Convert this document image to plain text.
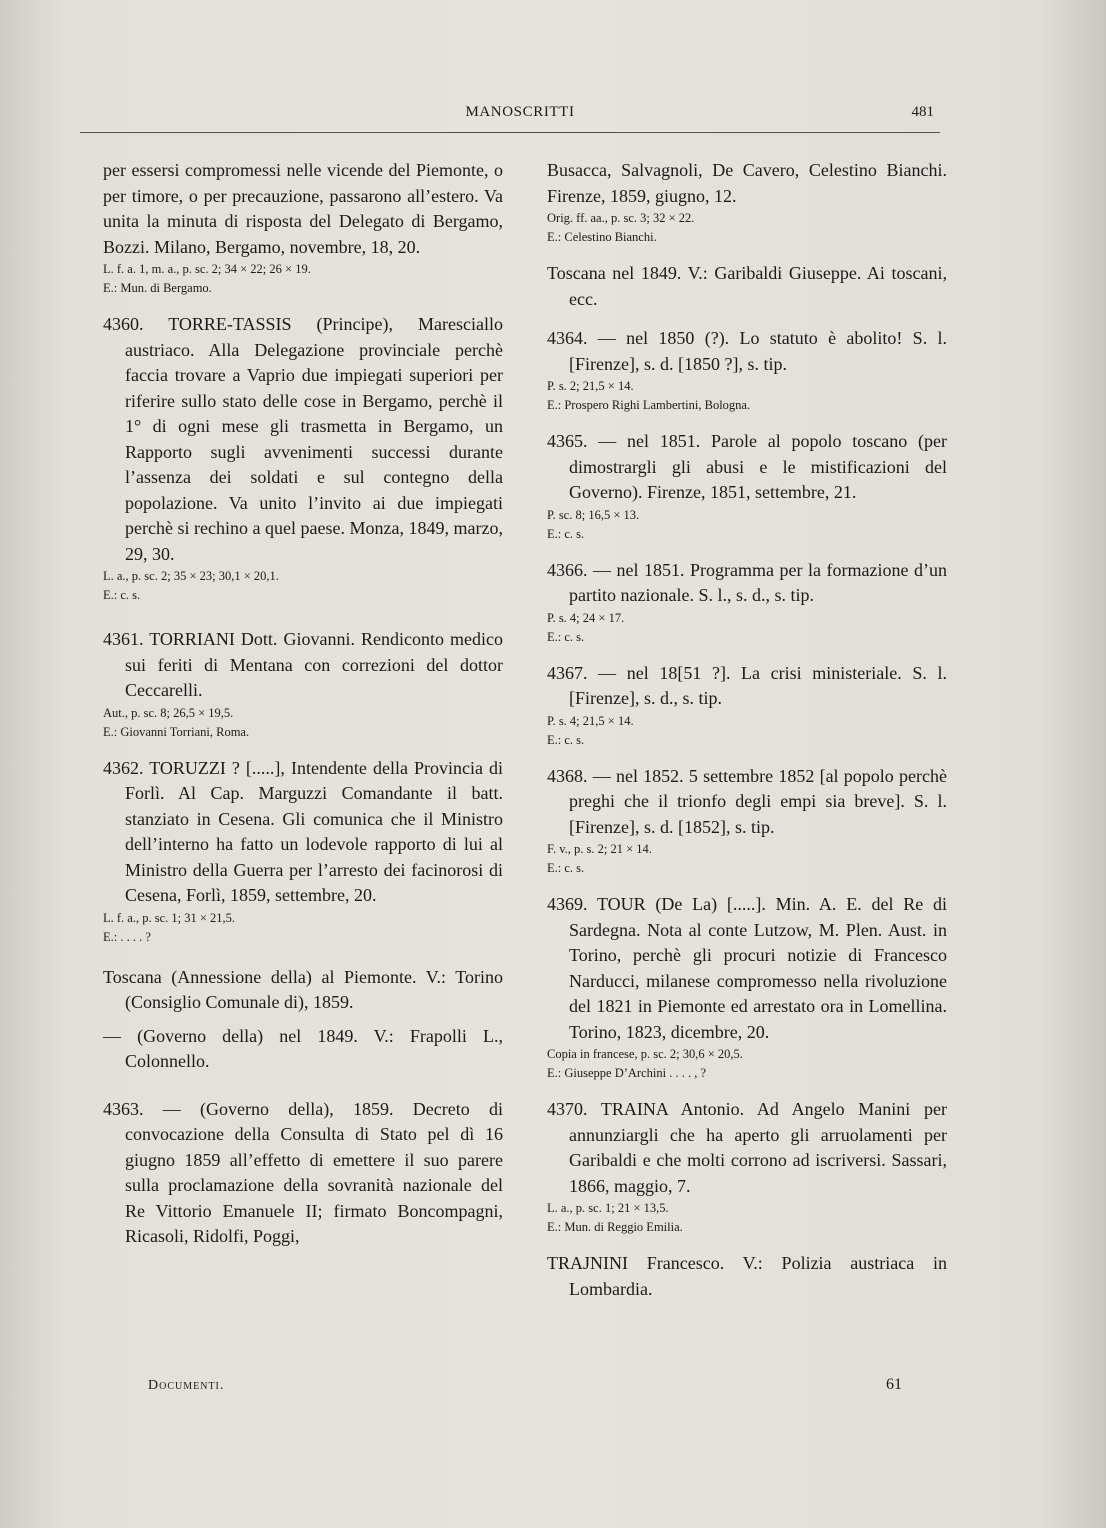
MANOSCRITTI	481

per essersi compromessi nelle vicende del Piemonte, o per timore, o per precauzione, passarono all’estero. Va unita la minuta di risposta del Delegato di Bergamo, Bozzi. Milano, Bergamo, novembre, 18, 20.

L. f. a. 1, m. a., p. sc. 2; 34 × 22; 26 × 19.

E.: Mun. di Bergamo.

4360. TORRE-TASSIS (Principe), Maresciallo austriaco. Alla Delegazione provinciale perchè faccia trovare a Vaprio due impiegati superiori per riferire sullo stato delle cose in Bergamo, perchè il 1° di ogni mese gli trasmetta in Bergamo, un Rapporto sugli avvenimenti successi durante l’assenza dei soldati e sul contegno della popolazione. Va unito l’invito ai due impiegati perchè si rechino a quel paese. Monza, 1849, marzo, 29, 30.

L. a., p. sc. 2; 35 × 23; 30,1 × 20,1.

E.: c. s.

4361. TORRIANI Dott. Giovanni. Rendiconto medico sui feriti di Mentana con correzioni del dottor Ceccarelli.

Aut., p. sc. 8; 26,5 × 19,5.

E.: Giovanni Torriani, Roma.

4362. TORUZZI ? [.....], Intendente della Provincia di Forlì. Al Cap. Marguzzi Comandante il batt. stanziato in Cesena. Gli comunica che il Ministro dell’interno ha fatto un lodevole rapporto di lui al Ministro della Guerra per l’arresto dei facinorosi di Cesena, Forlì, 1859, settembre, 20.

L. f. a., p. sc. 1; 31 × 21,5.

E.: . . . . ?

Toscana (Annessione della) al Piemonte. V.: Torino (Consiglio Comunale di), 1859.

— (Governo della) nel 1849. V.: Frapolli L., Colonnello.

4363. — (Governo della), 1859. Decreto di convocazione della Consulta di Stato pel dì 16 giugno 1859 all’effetto di emettere il suo parere sulla proclamazione della sovranità nazionale del Re Vittorio Emanuele II; firmato Boncompagni, Ricasoli, Ridolfi, Poggi,

Busacca, Salvagnoli, De Cavero, Celestino Bianchi. Firenze, 1859, giugno, 12.

Orig. ff. aa., p. sc. 3; 32 × 22.

E.: Celestino Bianchi.

Toscana nel 1849. V.: Garibaldi Giuseppe. Ai toscani, ecc.

4364. — nel 1850 (?). Lo statuto è abolito! S. l. [Firenze], s. d. [1850 ?], s. tip.

P. s. 2; 21,5 × 14.

E.: Prospero Righi Lambertini, Bologna.

4365. — nel 1851. Parole al popolo toscano (per dimostrargli gli abusi e le mistificazioni del Governo). Firenze, 1851, settembre, 21.

P. sc. 8; 16,5 × 13.

E.: c. s.

4366. — nel 1851. Programma per la formazione d’un partito nazionale. S. l., s. d., s. tip.

P. s. 4; 24 × 17.

E.: c. s.

4367. — nel 18[51 ?]. La crisi ministeriale. S. l. [Firenze], s. d., s. tip.

P. s. 4; 21,5 × 14.

E.: c. s.

4368. — nel 1852. 5 settembre 1852 [al popolo perchè preghi che il trionfo degli empi sia breve]. S. l. [Firenze], s. d. [1852], s. tip.

F. v., p. s. 2; 21 × 14.

E.: c. s.

4369. TOUR (De La) [.....]. Min. A. E. del Re di Sardegna. Nota al conte Lutzow, M. Plen. Aust. in Torino, perchè gli procuri notizie di Francesco Narducci, milanese compromesso nella rivoluzione del 1821 in Piemonte ed arrestato ora in Lomellina. Torino, 1823, dicembre, 20.

Copia in francese, p. sc. 2; 30,6 × 20,5.

E.: Giuseppe D’Archini . . . . , ?

4370. TRAINA Antonio. Ad Angelo Manini per annunziargli che ha aperto gli arruolamenti per Garibaldi e che molti corrono ad iscriversi. Sassari, 1866, maggio, 7.

L. a., p. sc. 1; 21 × 13,5.

E.: Mun. di Reggio Emilia.

TRAJNINI Francesco. V.: Polizia austriaca in Lombardia.

Documenti.	61
